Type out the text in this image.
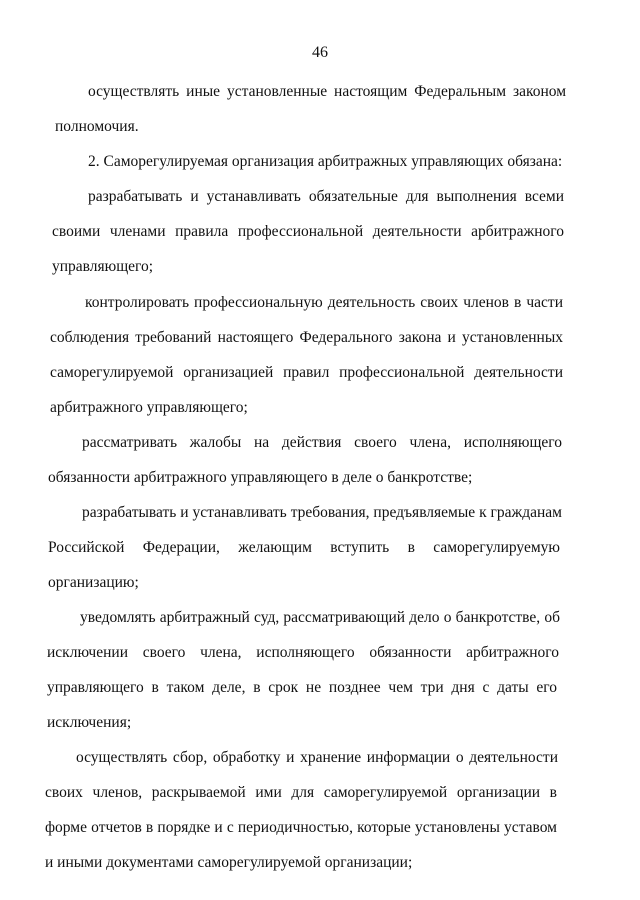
46
осуществлять иные установленные настоящим Федеральным законом
полномочия.
2. Саморегулируемая организация арбитражных управляющих обязана:
разрабатывать и устанавливать обязательные для выполнения всеми
своими членами правила профессиональной деятельности арбитражного
управляющего;
контролировать профессиональную деятельность своих членов в части
соблюдения требований настоящего Федерального закона и установленных
саморегулируемой организацией правил профессиональной деятельности
арбитражного управляющего;
рассматривать жалобы на действия своего члена, исполняющего
обязанности арбитражного управляющего в деле о банкротстве;
разрабатывать и устанавливать требования, предъявляемые к гражданам
Российской Федерации, желающим вступить в саморегулируемую
организацию;
уведомлять арбитражный суд, рассматривающий дело о банкротстве, об
исключении своего члена, исполняющего обязанности арбитражного
управляющего в таком деле, в срок не позднее чем три дня с даты его
исключения;
осуществлять сбор, обработку и хранение информации о деятельности
своих членов, раскрываемой ими для саморегулируемой организации в
форме отчетов в порядке и с периодичностью, которые установлены уставом
и иными документами саморегулируемой организации;
